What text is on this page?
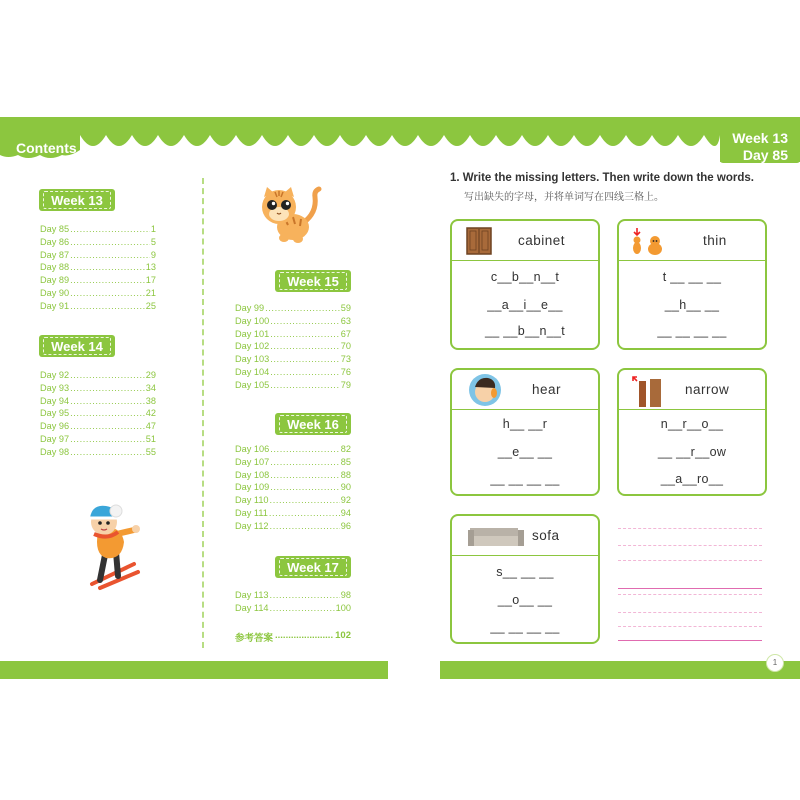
Contents
Week 13
Day 85
Week 13
Day 85 .....	1
Day 86 .....	5
Day 87 .....	9
Day 88 .....	13
Day 89 .....	17
Day 90 .....	21
Day 91 .....	25
Week 14
Day 92 .....	29
Day 93 .....	34
Day 94 .....	38
Day 95 .....	42
Day 96 .....	47
Day 97 .....	51
Day 98 .....	55
Week 15
Day 99 .....	59
Day 100 .....	63
Day 101 .....	67
Day 102 .....	70
Day 103 .....	73
Day 104 .....	76
Day 105 .....	79
Week 16
Day 106 .....	82
Day 107 .....	85
Day 108 .....	88
Day 109 .....	90
Day 110 .....	92
Day 111 .....	94
Day 112 .....	96
Week 17
Day 113 .....	98
Day 114 .....	100
参考答案 .....	102
1. Write the missing letters. Then write down the words.
写出缺失的字母，并将单词写在四线三格上。
cabinet
c__b__n__t
__a__i__e__
__ __b__n__t
thin
t __ __ __
__h__ __
__ __ __ __
hear
h__ __r
__e__ __
__ __ __ __
narrow
n__r__o__
__ __r__ow
__a__ro__
sofa
s__ __ __
__o__ __
__ __ __ __
1
